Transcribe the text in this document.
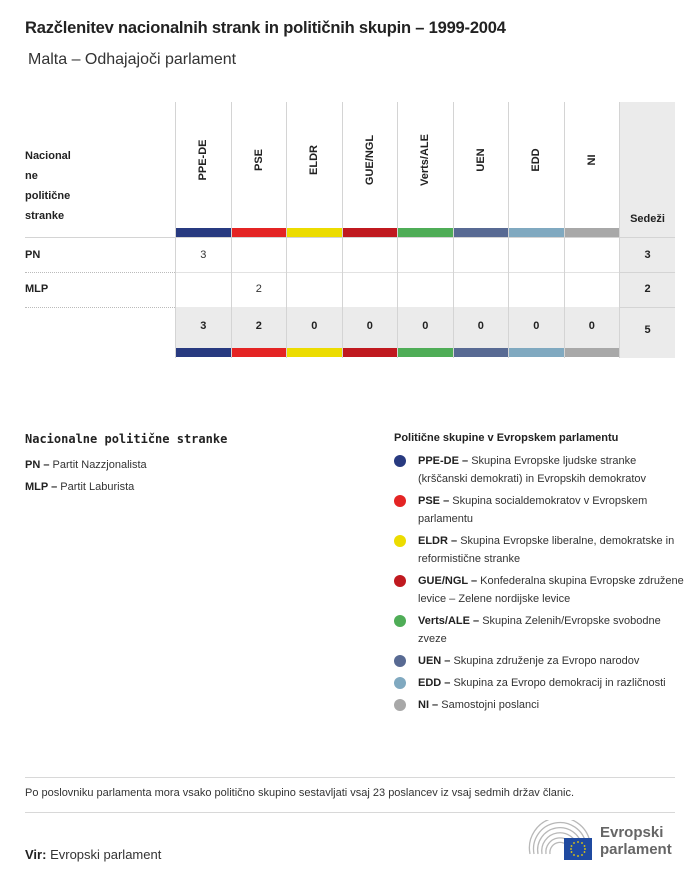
Razčlenitev nacionalnih strank in političnih skupin – 1999-2004
Malta – Odhajajoči parlament
Nacional
ne
politične
stranke
PPE-DE
3
3
PSE
2
2
ELDR
0
GUE/NGL
0
Verts/ALE
0
UEN
0
EDD
0
NI
0
PN
MLP
Sedeži
3
2
5
Nacionalne politične stranke
PN – Partit Nazzjonalista
MLP – Partit Laburista
Politične skupine v Evropskem parlamentu
PPE-DE – Skupina Evropske ljudske stranke (krščanski demokrati) in Evropskih demokratov
PSE – Skupina socialdemokratov v Evropskem parlamentu
ELDR – Skupina Evropske liberalne, demokratske in reformistične stranke
GUE/NGL – Konfederalna skupina Evropske združene levice – Zelene nordijske levice
Verts/ALE – Skupina Zelenih/Evropske svobodne zveze
UEN – Skupina združenje za Evropo narodov
EDD – Skupina za Evropo demokracij in različnosti
NI – Samostojni poslanci
Po poslovniku parlamenta mora vsako politično skupino sestavljati vsaj 23 poslancev iz vsaj sedmih držav članic.
Vir: Evropski parlament
Evropski
parlament
